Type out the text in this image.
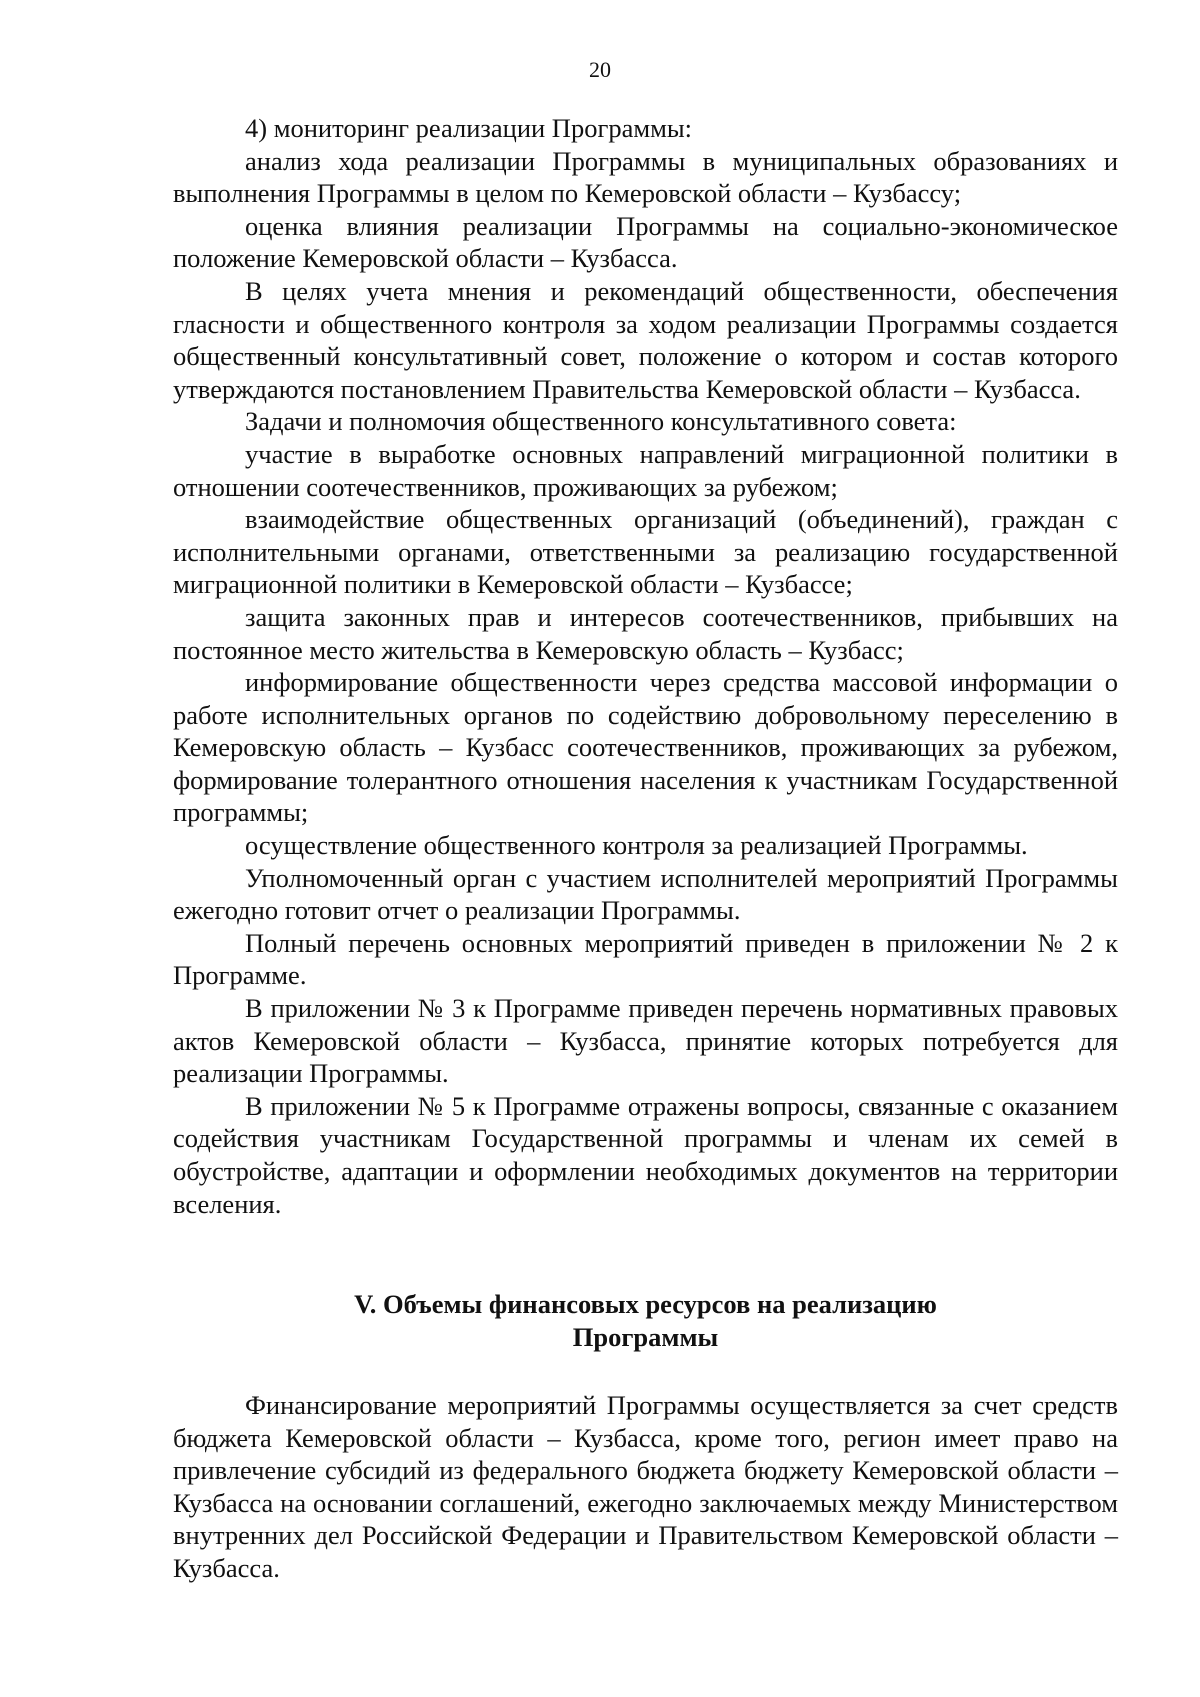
20

4) мониторинг реализации Программы:

анализ хода реализации Программы в муниципальных образованиях и выполнения Программы в целом по Кемеровской области – Кузбассу;

оценка влияния реализации Программы на социально-экономическое положение Кемеровской области – Кузбасса.

В целях учета мнения и рекомендаций общественности, обеспечения гласности и общественного контроля за ходом реализации Программы создается общественный консультативный совет, положение о котором и состав которого утверждаются постановлением Правительства Кемеровской области – Кузбасса.

Задачи и полномочия общественного консультативного совета:

участие в выработке основных направлений миграционной политики в отношении соотечественников, проживающих за рубежом;

взаимодействие общественных организаций (объединений), граждан с исполнительными органами, ответственными за реализацию государственной миграционной политики в Кемеровской области – Кузбассе;

защита законных прав и интересов соотечественников, прибывших на постоянное место жительства в Кемеровскую область – Кузбасс;

информирование общественности через средства массовой информации о работе исполнительных органов по содействию добровольному переселению в Кемеровскую область – Кузбасс соотечественников, проживающих за рубежом, формирование толерантного отношения населения к участникам Государственной программы;

осуществление общественного контроля за реализацией Программы.

Уполномоченный орган с участием исполнителей мероприятий Программы ежегодно готовит отчет о реализации Программы.

Полный перечень основных мероприятий приведен в приложении № 2 к Программе.

В приложении № 3 к Программе приведен перечень нормативных правовых актов Кемеровской области – Кузбасса, принятие которых потребуется для реализации Программы.

В приложении № 5 к Программе отражены вопросы, связанные с оказанием содействия участникам Государственной программы и членам их семей в обустройстве, адаптации и оформлении необходимых документов на территории вселения.

V. Объемы финансовых ресурсов на реализацию
Программы

Финансирование мероприятий Программы осуществляется за счет средств бюджета Кемеровской области – Кузбасса, кроме того, регион имеет право на привлечение субсидий из федерального бюджета бюджету Кемеровской области – Кузбасса на основании соглашений, ежегодно заключаемых между Министерством внутренних дел Российской Федерации и Правительством Кемеровской области – Кузбасса.
